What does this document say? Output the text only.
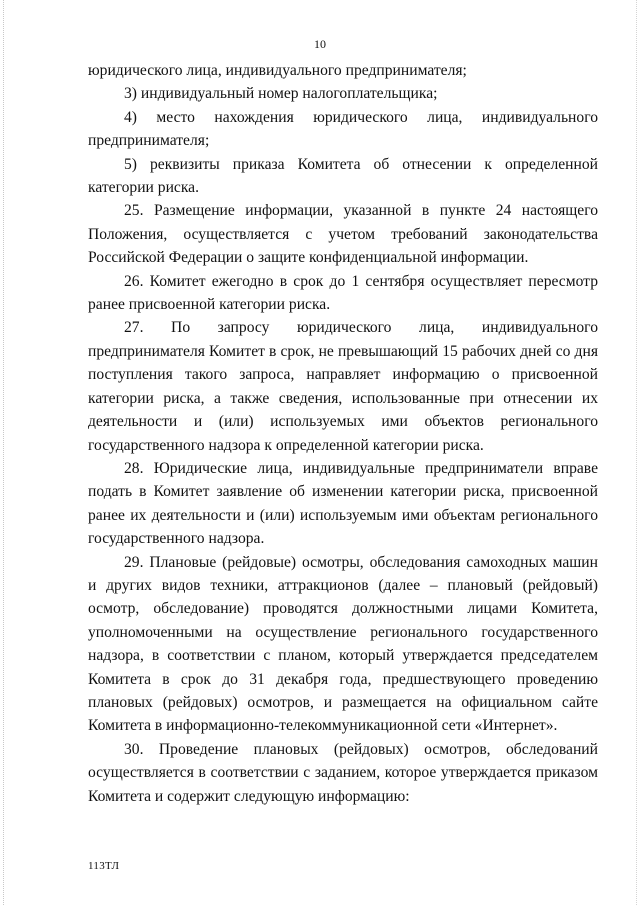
10

юридического лица, индивидуального предпринимателя;

3) индивидуальный номер налогоплательщика;

4) место нахождения юридического лица, индивидуального предпринимателя;

5) реквизиты приказа Комитета об отнесении к определенной категории риска.

25. Размещение информации, указанной в пункте 24 настоящего Положения, осуществляется с учетом требований законодательства Российской Федерации о защите конфиденциальной информации.

26. Комитет ежегодно в срок до 1 сентября осуществляет пересмотр ранее присвоенной категории риска.

27. По запросу юридического лица, индивидуального предпринимателя Комитет в срок, не превышающий 15 рабочих дней со дня поступления такого запроса, направляет информацию о присвоенной категории риска, а также сведения, использованные при отнесении их деятельности и (или) используемых ими объектов регионального государственного надзора к определенной категории риска.

28. Юридические лица, индивидуальные предприниматели вправе подать в Комитет заявление об изменении категории риска, присвоенной ранее их деятельности и (или) используемым ими объектам регионального государственного надзора.

29. Плановые (рейдовые) осмотры, обследования самоходных машин и других видов техники, аттракционов (далее – плановый (рейдовый) осмотр, обследование) проводятся должностными лицами Комитета, уполномоченными на осуществление регионального государственного надзора, в соответствии с планом, который утверждается председателем Комитета в срок до 31 декабря года, предшествующего проведению плановых (рейдовых) осмотров, и размещается на официальном сайте Комитета в информационно-телекоммуникационной сети «Интернет».

30. Проведение плановых (рейдовых) осмотров, обследований осуществляется в соответствии с заданием, которое утверждается приказом Комитета и содержит следующую информацию:

113ТЛ
